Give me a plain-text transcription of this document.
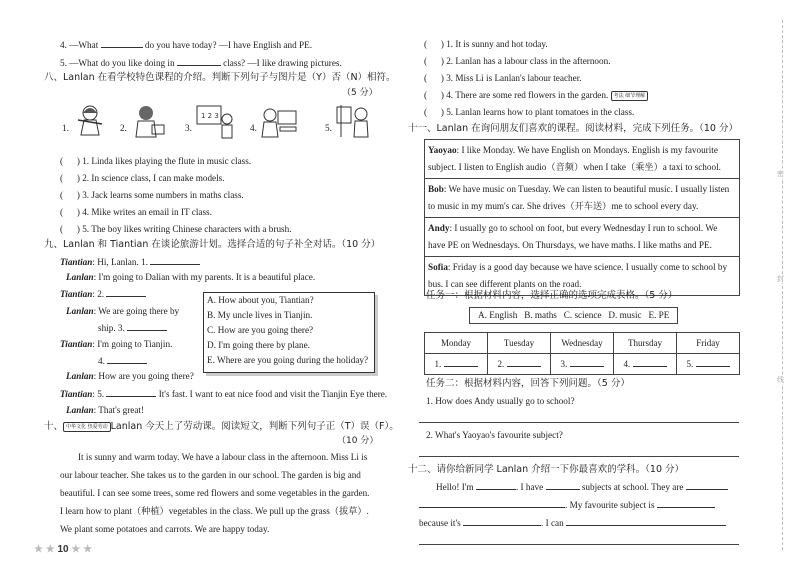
4. —What	do you have today? —I have English and PE.
5. —What do you like doing in	class? —I like drawing pictures.
八、Lanlan 在看学校特色课程的介绍。判断下列句子与图片是（Y）否（N）相符。
（5 分）
1.	2.	3.
1 2 3
4.	5.
(      ) 1. Linda likes playing the flute in music class.
(      ) 2. In science class, I can make models.
(      ) 3. Jack learns some numbers in maths class.
(      ) 4. Mike writes an email in IT class.
(      ) 5. The boy likes writing Chinese characters with a brush.
九、Lanlan 和 Tiantian 在谈论旅游计划。选择合适的句子补全对话。（10 分）
Tiantian: Hi, Lanlan. 1.
Lanlan: I'm going to Dalian with my parents. It is a beautiful place.
Tiantian: 2.
Lanlan: We are going there by
ship. 3.
Tiantian: I'm going to Tianjin.
4.
Lanlan: How are you going there?
Tiantian: 5.	It's fast. I want to eat nice food and visit the Tianjin Eye there.
Lanlan: That's great!
A. How about you, Tiantian?
B. My uncle lives in Tianjin.
C. How are you going there?
D. I'm going there by plane.
E. Where are you going during the holiday?
十、 中华文化 热爱劳动 Lanlan 今天上了劳动课。阅读短文，判断下列句子正（T）误（F）。
（10 分）
It is sunny and warm today. We have a labour class in the afternoon. Miss Li is
our labour teacher. She takes us to the garden in our school. The garden is big and
beautiful. I can see some trees, some red flowers and some vegetables in the garden.
I learn how to plant（种植）vegetables in the class. We pull up the grass（拔草）.
We plant some potatoes and carrots. We are happy today.
★ ★ 10 ★ ★
(      ) 1. It is sunny and hot today.
(      ) 2. Lanlan has a labour class in the afternoon.
(      ) 3. Miss Li is Lanlan's labour teacher.
(      ) 4. There are some red flowers in the garden. 考法 细节理解
(      ) 5. Lanlan learns how to plant tomatoes in the class.
十一、Lanlan 在询问朋友们喜欢的课程。阅读材料，完成下列任务。（10 分）
Yaoyao: I like Monday. We have English on Mondays. English is my favourite
subject. I listen to English audio（音频）when I take（乘坐）a taxi to school.
Bob: We have music on Tuesday. We can listen to beautiful music. I usually listen
to music in my mum's car. She drives（开车送）me to school every day.
Andy: I usually go to school on foot, but every Wednesday I run to school. We
have PE on Wednesdays. On Thursdays, we have maths. I like maths and PE.
Sofia: Friday is a good day because we have science. I usually come to school by
bus. I can see different plants on the road.
任务一：根据材料内容，选择正确的选项完成表格。（5 分）
A. English   B. maths   C. science   D. music   E. PE
Monday	Tuesday	Wednesday	Thursday	Friday
1.	2.	3.	4.	5.
任务二：根据材料内容，回答下列问题。（5 分）
1. How does Andy usually go to school?
2. What's Yaoyao's favourite subject?
十二、请你给新同学 Lanlan 介绍一下你最喜欢的学科。（10 分）
Hello! I'm	. I have	subjects at school. They are
. My favourite subject is
because it's	. I can
密
封
线
